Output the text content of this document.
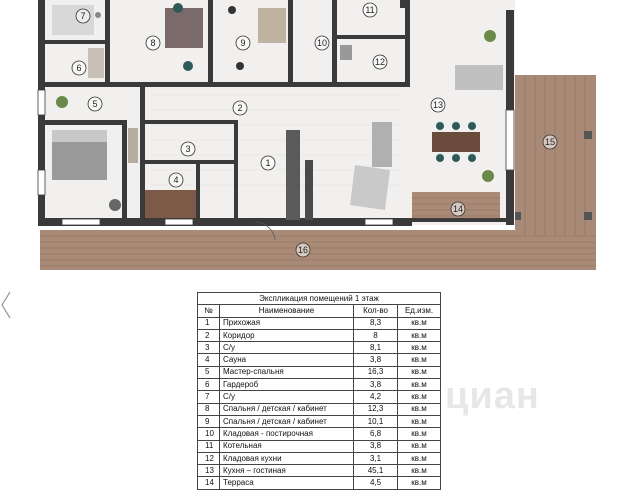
1
2
3
4
5
6
7
8	9	10
11
12
13
14
15
16
Экспликация помещений 1 этаж			
№	Наименование	Кол-во	Ед.изм.
1	Прихожая	8,3	кв.м
2	Коридор	8	кв.м
3	С/у	8,1	кв.м
4	Сауна	3,8	кв.м
5	Мастер-спальня	16,3	кв.м
6	Гардероб	3,8	кв.м
7	С/у	4,2	кв.м
8	Спальня / детская / кабинет	12,3	кв.м
9	Спальня / детская / кабинет	10,1	кв.м
10	Кладовая - постирочная	6,8	кв.м
11	Котельная	3,8	кв.м
12	Кладовая кухни	3,1	кв.м
13	Кухня – гостиная	45,1	кв.м
14	Терраса	4,5	кв.м
циан
